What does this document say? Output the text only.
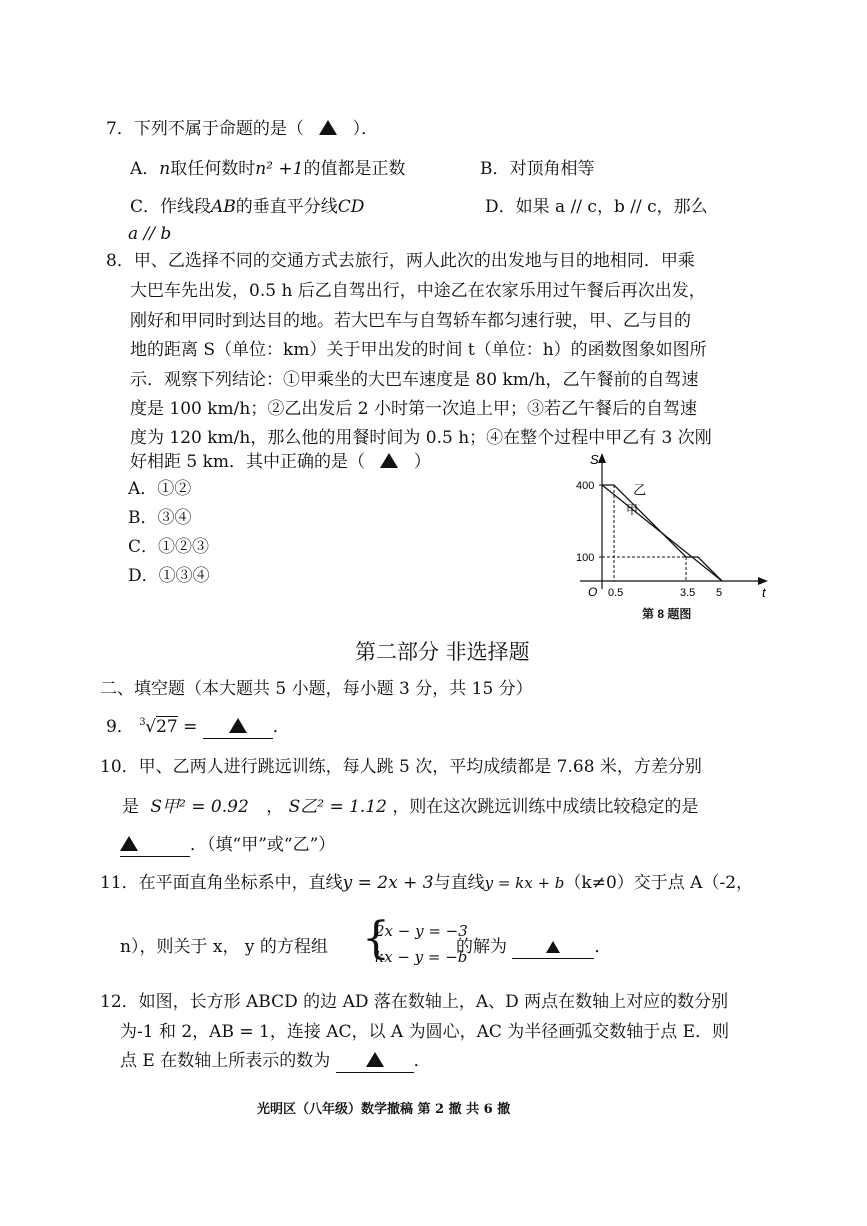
7．下列不属于命题的是（	）．
A．n取任何数时n² +1的值都是正数	B．对顶角相等
C．作线段AB的垂直平分线CD	D．如果 a // c，b // c，那么
a // b
8．甲、乙选择不同的交通方式去旅行，两人此次的出发地与目的地相同．甲乘
大巴车先出发，0.5 h 后乙自驾出行，中途乙在农家乐用过午餐后再次出发，
刚好和甲同时到达目的地。若大巴车与自驾轿车都匀速行驶，甲、乙与目的
地的距离 S（单位：km）关于甲出发的时间 t（单位：h）的函数图象如图所
示．观察下列结论：①甲乘坐的大巴车速度是 80 km/h，乙午餐前的自驾速
度是 100 km/h；②乙出发后 2 小时第一次追上甲；③若乙午餐后的自驾速
度为 120 km/h，那么他的用餐时间为 0.5 h；④在整个过程中甲乙有 3 次刚
好相距 5 km．其中正确的是（	）
A．①②
B．③④
C．①②③
D．①③④
t
S
O
400
100
0.5	3.5 5
乙
甲
第 8 题图
第二部分 非选择题
二、填空题（本大题共 5 小题，每小题 3 分，共 15 分）
9． 3 √27 =	．
10．甲、乙两人进行跳远训练，每人跳 5 次，平均成绩都是 7.68 米，方差分别
是 S甲² = 0.92 ， S乙² = 1.12 ，则在这次跳远训练中成绩比较稳定的是
．（填“甲”或“乙”）
11．在平面直角坐标系中，直线y = 2x + 3与直线y = kx + b（k≠0）交于点 A（-2，
n），则关于 x， y 的方程组 {
2x − y = −3
kx − y = −b
的解为	．
12．如图，长方形 ABCD 的边 AD 落在数轴上，A、D 两点在数轴上对应的数分别
为-1 和 2，AB = 1，连接 AC，以 A 为圆心，AC 为半径画弧交数轴于点 E．则
点 E 在数轴上所表示的数为	．
光明区（八年级）数学撤稿 第 2 撤 共 6 撤
